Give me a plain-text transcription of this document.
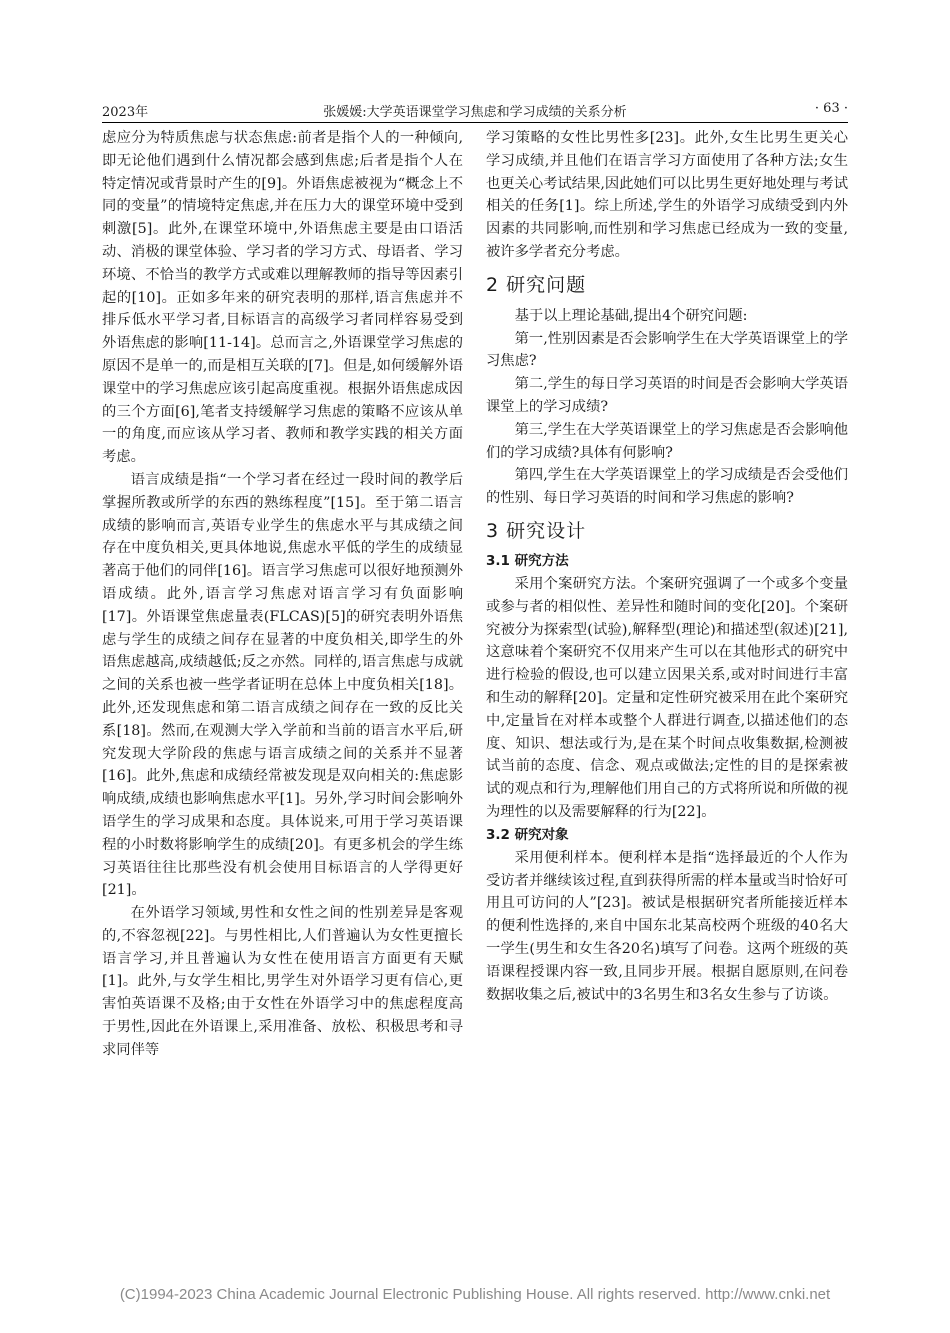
2023年	张媛媛:大学英语课堂学习焦虑和学习成绩的关系分析	· 63 ·

虑应分为特质焦虑与状态焦虑:前者是指个人的一种倾向,即无论他们遇到什么情况都会感到焦虑;后者是指个人在特定情况或背景时产生的[9]。外语焦虑被视为“概念上不同的变量”的情境特定焦虑,并在压力大的课堂环境中受到刺激[5]。此外,在课堂环境中,外语焦虑主要是由口语活动、消极的课堂体验、学习者的学习方式、母语者、学习环境、不恰当的教学方式或难以理解教师的指导等因素引起的[10]。正如多年来的研究表明的那样,语言焦虑并不排斥低水平学习者,目标语言的高级学习者同样容易受到外语焦虑的影响[11-14]。总而言之,外语课堂学习焦虑的原因不是单一的,而是相互关联的[7]。但是,如何缓解外语课堂中的学习焦虑应该引起高度重视。根据外语焦虑成因的三个方面[6],笔者支持缓解学习焦虑的策略不应该从单一的角度,而应该从学习者、教师和教学实践的相关方面考虑。

语言成绩是指“一个学习者在经过一段时间的教学后掌握所教或所学的东西的熟练程度”[15]。至于第二语言成绩的影响而言,英语专业学生的焦虑水平与其成绩之间存在中度负相关,更具体地说,焦虑水平低的学生的成绩显著高于他们的同伴[16]。语言学习焦虑可以很好地预测外语成绩。此外,语言学习焦虑对语言学习有负面影响[17]。外语课堂焦虑量表(FLCAS)[5]的研究表明外语焦虑与学生的成绩之间存在显著的中度负相关,即学生的外语焦虑越高,成绩越低;反之亦然。同样的,语言焦虑与成就之间的关系也被一些学者证明在总体上中度负相关[18]。此外,还发现焦虑和第二语言成绩之间存在一致的反比关系[18]。然而,在观测大学入学前和当前的语言水平后,研究发现大学阶段的焦虑与语言成绩之间的关系并不显著[16]。此外,焦虑和成绩经常被发现是双向相关的:焦虑影响成绩,成绩也影响焦虑水平[1]。另外,学习时间会影响外语学生的学习成果和态度。具体说来,可用于学习英语课程的小时数将影响学生的成绩[20]。有更多机会的学生练习英语往往比那些没有机会使用目标语言的人学得更好[21]。

在外语学习领域,男性和女性之间的性别差异是客观的,不容忽视[22]。与男性相比,人们普遍认为女性更擅长语言学习,并且普遍认为女性在使用语言方面更有天赋[1]。此外,与女学生相比,男学生对外语学习更有信心,更害怕英语课不及格;由于女性在外语学习中的焦虑程度高于男性,因此在外语课上,采用准备、放松、积极思考和寻求同伴等

学习策略的女性比男性多[23]。此外,女生比男生更关心学习成绩,并且他们在语言学习方面使用了各种方法;女生也更关心考试结果,因此她们可以比男生更好地处理与考试相关的任务[1]。综上所述,学生的外语学习成绩受到内外因素的共同影响,而性别和学习焦虑已经成为一致的变量,被许多学者充分考虑。

2 研究问题

基于以上理论基础,提出4个研究问题:

第一,性别因素是否会影响学生在大学英语课堂上的学习焦虑?

第二,学生的每日学习英语的时间是否会影响大学英语课堂上的学习成绩?

第三,学生在大学英语课堂上的学习焦虑是否会影响他们的学习成绩?具体有何影响?

第四,学生在大学英语课堂上的学习成绩是否会受他们的性别、每日学习英语的时间和学习焦虑的影响?

3 研究设计
3.1 研究方法

采用个案研究方法。个案研究强调了一个或多个变量或参与者的相似性、差异性和随时间的变化[20]。个案研究被分为探索型(试验),解释型(理论)和描述型(叙述)[21],这意味着个案研究不仅用来产生可以在其他形式的研究中进行检验的假设,也可以建立因果关系,或对时间进行丰富和生动的解释[20]。定量和定性研究被采用在此个案研究中,定量旨在对样本或整个人群进行调查,以描述他们的态度、知识、想法或行为,是在某个时间点收集数据,检测被试当前的态度、信念、观点或做法;定性的目的是探索被试的观点和行为,理解他们用自己的方式将所说和所做的视为理性的以及需要解释的行为[22]。

3.2 研究对象

采用便利样本。便利样本是指“选择最近的个人作为受访者并继续该过程,直到获得所需的样本量或当时恰好可用且可访问的人”[23]。被试是根据研究者所能接近样本的便利性选择的,来自中国东北某高校两个班级的40名大一学生(男生和女生各20名)填写了问卷。这两个班级的英语课程授课内容一致,且同步开展。根据自愿原则,在问卷数据收集之后,被试中的3名男生和3名女生参与了访谈。

(C)1994-2023 China Academic Journal Electronic Publishing House. All rights reserved. http://www.cnki.net
